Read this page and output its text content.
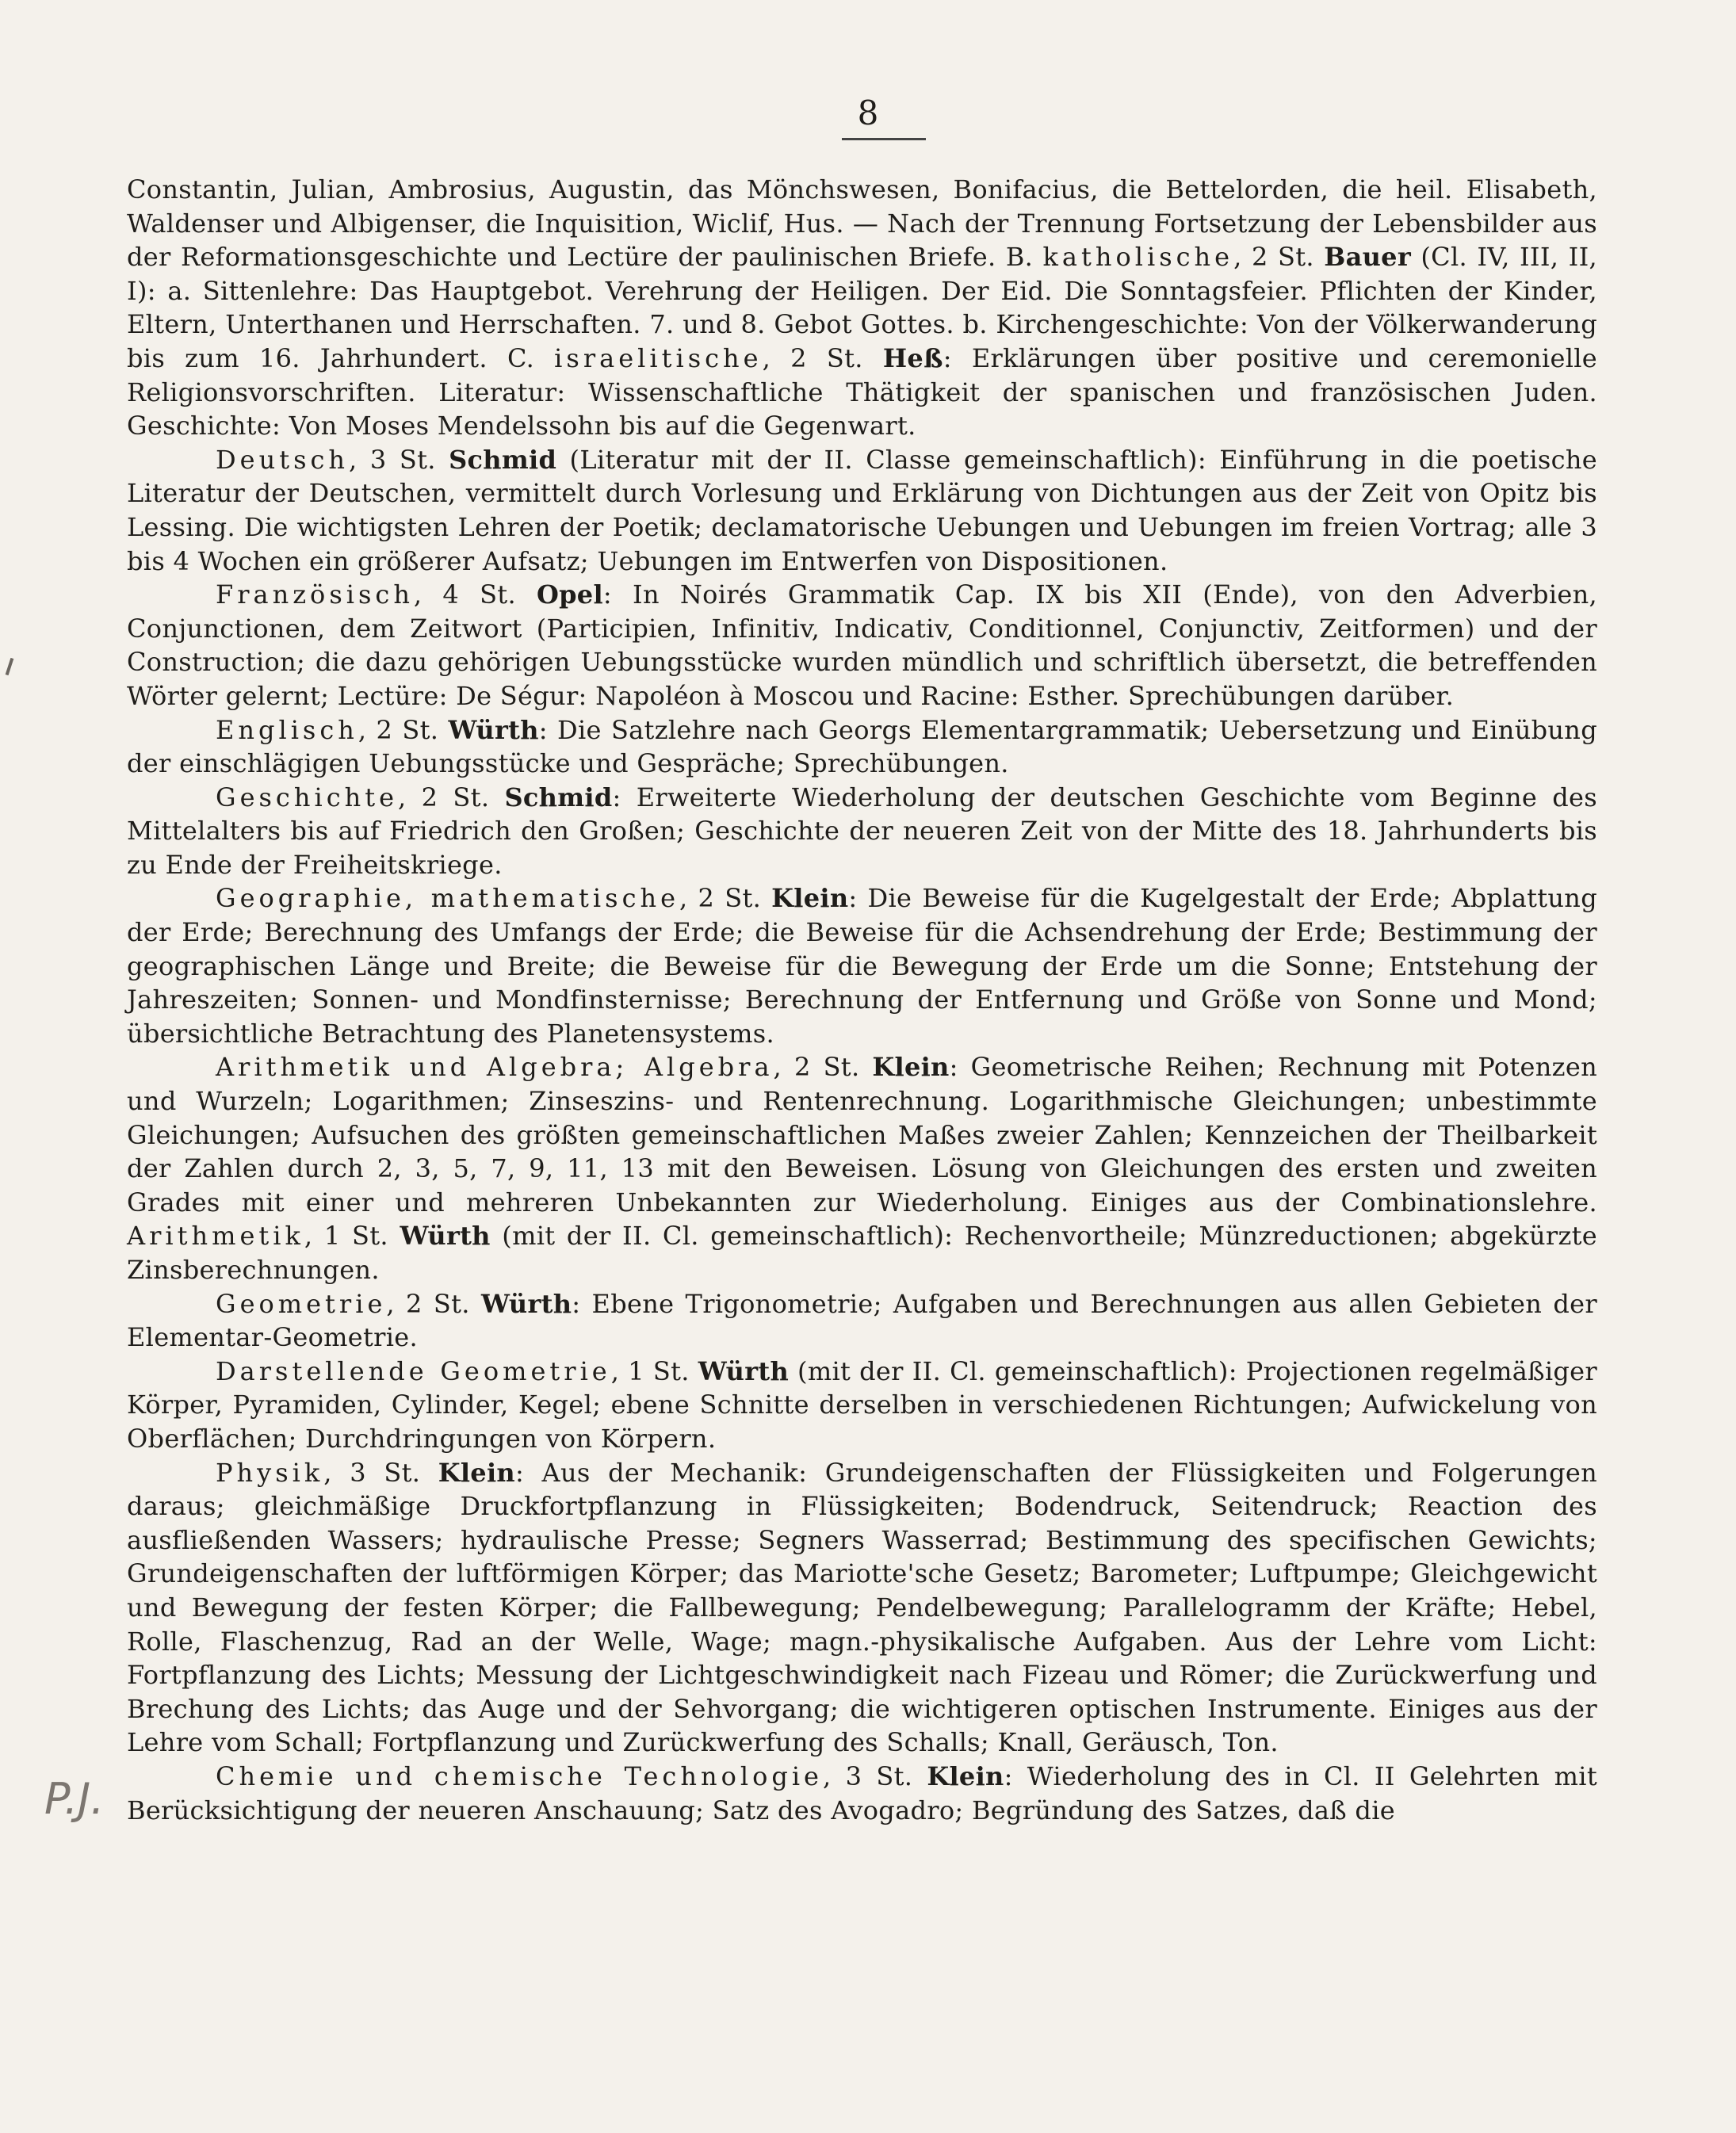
8
P.J.

Constantin, Julian, Ambrosius, Augustin, das Mönchswesen, Bonifacius, die Bettelorden, die heil. Elisabeth, Waldenser und Albigenser, die Inquisition, Wiclif, Hus. — Nach der Trennung Fortsetzung der Lebensbilder aus der Reformationsgeschichte und Lectüre der paulinischen Briefe. B. katholische, 2 St. Bauer (Cl. IV, III, II, I): a. Sittenlehre: Das Hauptgebot. Verehrung der Heiligen. Der Eid. Die Sonntagsfeier. Pflichten der Kinder, Eltern, Unterthanen und Herrschaften. 7. und 8. Gebot Gottes. b. Kirchengeschichte: Von der Völkerwanderung bis zum 16. Jahrhundert. C. israelitische, 2 St. Heß: Erklärungen über positive und ceremonielle Religionsvorschriften. Literatur: Wissenschaftliche Thätigkeit der spanischen und französischen Juden. Geschichte: Von Moses Mendelssohn bis auf die Gegenwart.

Deutsch, 3 St. Schmid (Literatur mit der II. Classe gemeinschaftlich): Einführung in die poetische Literatur der Deutschen, vermittelt durch Vorlesung und Erklärung von Dichtungen aus der Zeit von Opitz bis Lessing. Die wichtigsten Lehren der Poetik; declamatorische Uebungen und Uebungen im freien Vortrag; alle 3 bis 4 Wochen ein größerer Aufsatz; Uebungen im Entwerfen von Dispositionen.

Französisch, 4 St. Opel: In Noirés Grammatik Cap. IX bis XII (Ende), von den Adverbien, Conjunctionen, dem Zeitwort (Participien, Infinitiv, Indicativ, Conditionnel, Conjunctiv, Zeitformen) und der Construction; die dazu gehörigen Uebungsstücke wurden mündlich und schriftlich übersetzt, die betreffenden Wörter gelernt; Lectüre: De Ségur: Napoléon à Moscou und Racine: Esther. Sprechübungen darüber.

Englisch, 2 St. Würth: Die Satzlehre nach Georgs Elementargrammatik; Uebersetzung und Einübung der einschlägigen Uebungsstücke und Gespräche; Sprechübungen.

Geschichte, 2 St. Schmid: Erweiterte Wiederholung der deutschen Geschichte vom Beginne des Mittelalters bis auf Friedrich den Großen; Geschichte der neueren Zeit von der Mitte des 18. Jahrhunderts bis zu Ende der Freiheitskriege.

Geographie, mathematische, 2 St. Klein: Die Beweise für die Kugelgestalt der Erde; Abplattung der Erde; Berechnung des Umfangs der Erde; die Beweise für die Achsendrehung der Erde; Bestimmung der geographischen Länge und Breite; die Beweise für die Bewegung der Erde um die Sonne; Entstehung der Jahreszeiten; Sonnen- und Mondfinsternisse; Berechnung der Entfernung und Größe von Sonne und Mond; übersichtliche Betrachtung des Planetensystems.

Arithmetik und Algebra; Algebra, 2 St. Klein: Geometrische Reihen; Rechnung mit Potenzen und Wurzeln; Logarithmen; Zinseszins- und Rentenrechnung. Logarithmische Gleichungen; unbestimmte Gleichungen; Aufsuchen des größten gemeinschaftlichen Maßes zweier Zahlen; Kennzeichen der Theilbarkeit der Zahlen durch 2, 3, 5, 7, 9, 11, 13 mit den Beweisen. Lösung von Gleichungen des ersten und zweiten Grades mit einer und mehreren Unbekannten zur Wiederholung. Einiges aus der Combinationslehre. Arithmetik, 1 St. Würth (mit der II. Cl. gemeinschaftlich): Rechenvortheile; Münzreductionen; abgekürzte Zinsberechnungen.

Geometrie, 2 St. Würth: Ebene Trigonometrie; Aufgaben und Berechnungen aus allen Gebieten der Elementar-Geometrie.

Darstellende Geometrie, 1 St. Würth (mit der II. Cl. gemeinschaftlich): Projectionen regelmäßiger Körper, Pyramiden, Cylinder, Kegel; ebene Schnitte derselben in verschiedenen Richtungen; Aufwickelung von Oberflächen; Durchdringungen von Körpern.

Physik, 3 St. Klein: Aus der Mechanik: Grundeigenschaften der Flüssigkeiten und Folgerungen daraus; gleichmäßige Druckfortpflanzung in Flüssigkeiten; Bodendruck, Seitendruck; Reaction des ausfließenden Wassers; hydraulische Presse; Segners Wasserrad; Bestimmung des specifischen Gewichts; Grundeigenschaften der luftförmigen Körper; das Mariotte'sche Gesetz; Barometer; Luftpumpe; Gleichgewicht und Bewegung der festen Körper; die Fallbewegung; Pendelbewegung; Parallelogramm der Kräfte; Hebel, Rolle, Flaschenzug, Rad an der Welle, Wage; magn.-physikalische Aufgaben. Aus der Lehre vom Licht: Fortpflanzung des Lichts; Messung der Lichtgeschwindigkeit nach Fizeau und Römer; die Zurückwerfung und Brechung des Lichts; das Auge und der Sehvorgang; die wichtigeren optischen Instrumente. Einiges aus der Lehre vom Schall; Fortpflanzung und Zurückwerfung des Schalls; Knall, Geräusch, Ton.

Chemie und chemische Technologie, 3 St. Klein: Wiederholung des in Cl. II Gelehrten mit Berücksichtigung der neueren Anschauung; Satz des Avogadro; Begründung des Satzes, daß die
